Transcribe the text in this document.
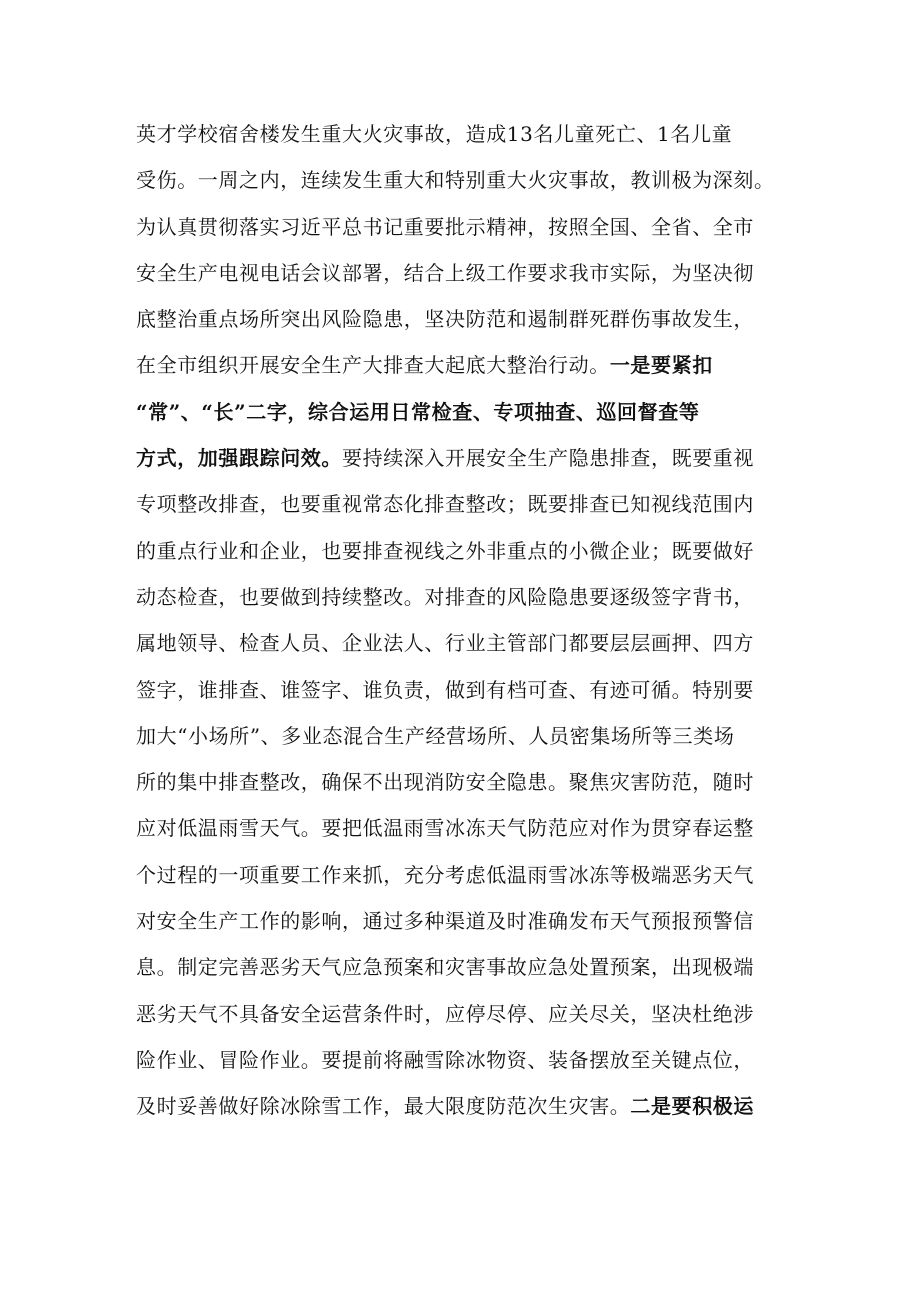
英才学校宿舍楼发生重大火灾事故，造成13名儿童死亡、1名儿童
受伤。一周之内，连续发生重大和特别重大火灾事故，教训极为深刻。
为认真贯彻落实习近平总书记重要批示精神，按照全国、全省、全市
安全生产电视电话会议部署，结合上级工作要求我市实际，为坚决彻
底整治重点场所突出风险隐患，坚决防范和遏制群死群伤事故发生，
在全市组织开展安全生产大排查大起底大整治行动。一是要紧扣
“常”、“长”二字，综合运用日常检查、专项抽查、巡回督查等
方式，加强跟踪问效。要持续深入开展安全生产隐患排查，既要重视
专项整改排查，也要重视常态化排查整改；既要排查已知视线范围内
的重点行业和企业，也要排查视线之外非重点的小微企业；既要做好
动态检查，也要做到持续整改。对排查的风险隐患要逐级签字背书，
属地领导、检查人员、企业法人、行业主管部门都要层层画押、四方
签字，谁排查、谁签字、谁负责，做到有档可查、有迹可循。特别要
加大“小场所”、多业态混合生产经营场所、人员密集场所等三类场
所的集中排查整改，确保不出现消防安全隐患。聚焦灾害防范，随时
应对低温雨雪天气。要把低温雨雪冰冻天气防范应对作为贯穿春运整
个过程的一项重要工作来抓，充分考虑低温雨雪冰冻等极端恶劣天气
对安全生产工作的影响，通过多种渠道及时准确发布天气预报预警信
息。制定完善恶劣天气应急预案和灾害事故应急处置预案，出现极端
恶劣天气不具备安全运营条件时，应停尽停、应关尽关，坚决杜绝涉
险作业、冒险作业。要提前将融雪除冰物资、装备摆放至关键点位，
及时妥善做好除冰除雪工作，最大限度防范次生灾害。二是要积极运
